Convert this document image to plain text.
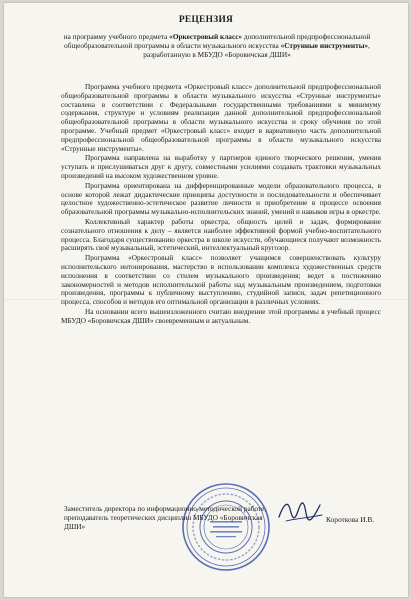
РЕЦЕНЗИЯ
на программу учебного предмета «Оркестровый класс» дополнительной предпрофессиональной общеобразовательной программы в области музыкального искусства «Струнные инструменты», разработанную в МБУДО «Боровичская ДШИ»

Программа учебного предмета «Оркестровый класс» дополнительной предпрофессиональной общеобразовательной программы в области музыкального искусства «Струнные инструменты» составлена в соответствии с Федеральными государственными требованиями к минимуму содержания, структуре и условиям реализации данной дополнительной предпрофессиональной общеобразовательной программы в области музыкального искусства и сроку обучения по этой программе. Учебный предмет «Оркестровый класс» входит в вариативную часть дополнительной предпрофессиональной общеобразовательной программы в области музыкального искусства «Струнные инструменты».

Программа направлена на выработку у партнеров единого творческого решения, умения уступать и прислушиваться друг к другу, совместными усилиями создавать трактовки музыкальных произведений на высоком художественном уровне.

Программа ориентирована на дифференцированные модели образовательного процесса, в основе которой лежат дидактические принципы доступности и последовательности и обеспечивает целостное художественно-эстетическое развитие личности и приобретение в процессе освоения образовательной программы музыкально-исполнительских знаний, умений и навыков игры в оркестре.

Коллективный характер работы оркестра, общность целей и задач, формирование сознательного отношения к делу – является наиболее эффективной формой учебно-воспитательного процесса. Благодаря существованию оркестра в школе искусств, обучающиеся получают возможность расширять своё музыкальный, эстетический, интеллектуальный кругозор.

Программа «Оркестровый класс» позволяет учащимся совершенствовать культуру исполнительского интонирования, мастерство в использовании комплекса художественных средств исполнения в соответствии со стилем музыкального произведения; ведет к постижению закономерностей и методов исполнительской работы над музыкальным произведением, подготовки произведения, программы к публичному выступлению, студийной записи, задач репетиционного процесса, способов и методов его оптимальной организации в различных условиях.

На основании всего вышеизложенного считаю внедрение этой программы в учебный процесс МБУДО «Боровичская ДШИ» своевременным и актуальным.

Заместитель директора по информационно-методической работе, преподаватель теоретических дисциплин МБУДО «Боровичская ДШИ»
Короткова И.В.
